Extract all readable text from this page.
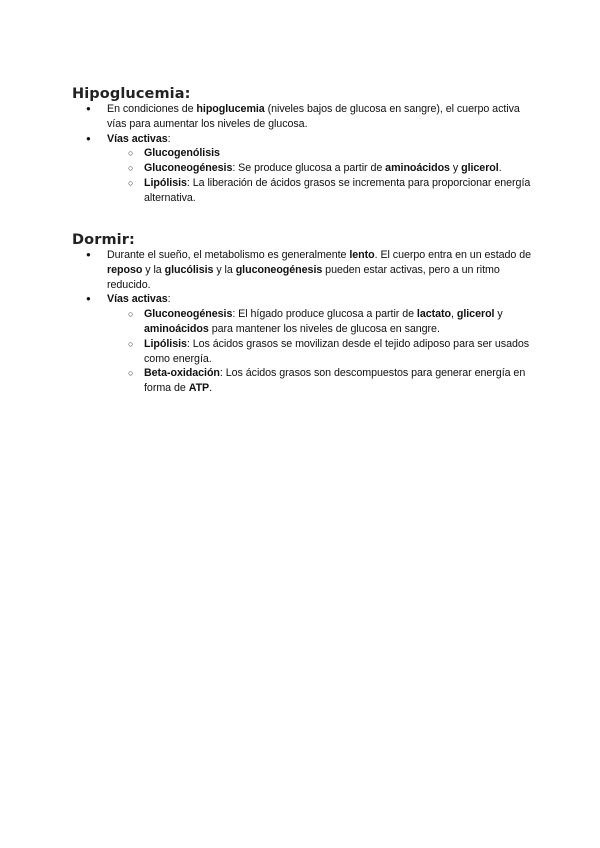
Hipoglucemia:
● En condiciones de hipoglucemia (niveles bajos de glucosa en sangre), el cuerpo activa vías para aumentar los niveles de glucosa.
● Vías activas:
○ Glucogenólisis
○ Gluconeogénesis: Se produce glucosa a partir de aminoácidos y glicerol.
○ Lipólisis: La liberación de ácidos grasos se incrementa para proporcionar energía alternativa.
Dormir:
● Durante el sueño, el metabolismo es generalmente lento. El cuerpo entra en un estado de reposo y la glucólisis y la gluconeogénesis pueden estar activas, pero a un ritmo reducido.
● Vías activas:
○ Gluconeogénesis: El hígado produce glucosa a partir de lactato, glicerol y aminoácidos para mantener los niveles de glucosa en sangre.
○ Lipólisis: Los ácidos grasos se movilizan desde el tejido adiposo para ser usados como energía.
○ Beta-oxidación: Los ácidos grasos son descompuestos para generar energía en forma de ATP.
